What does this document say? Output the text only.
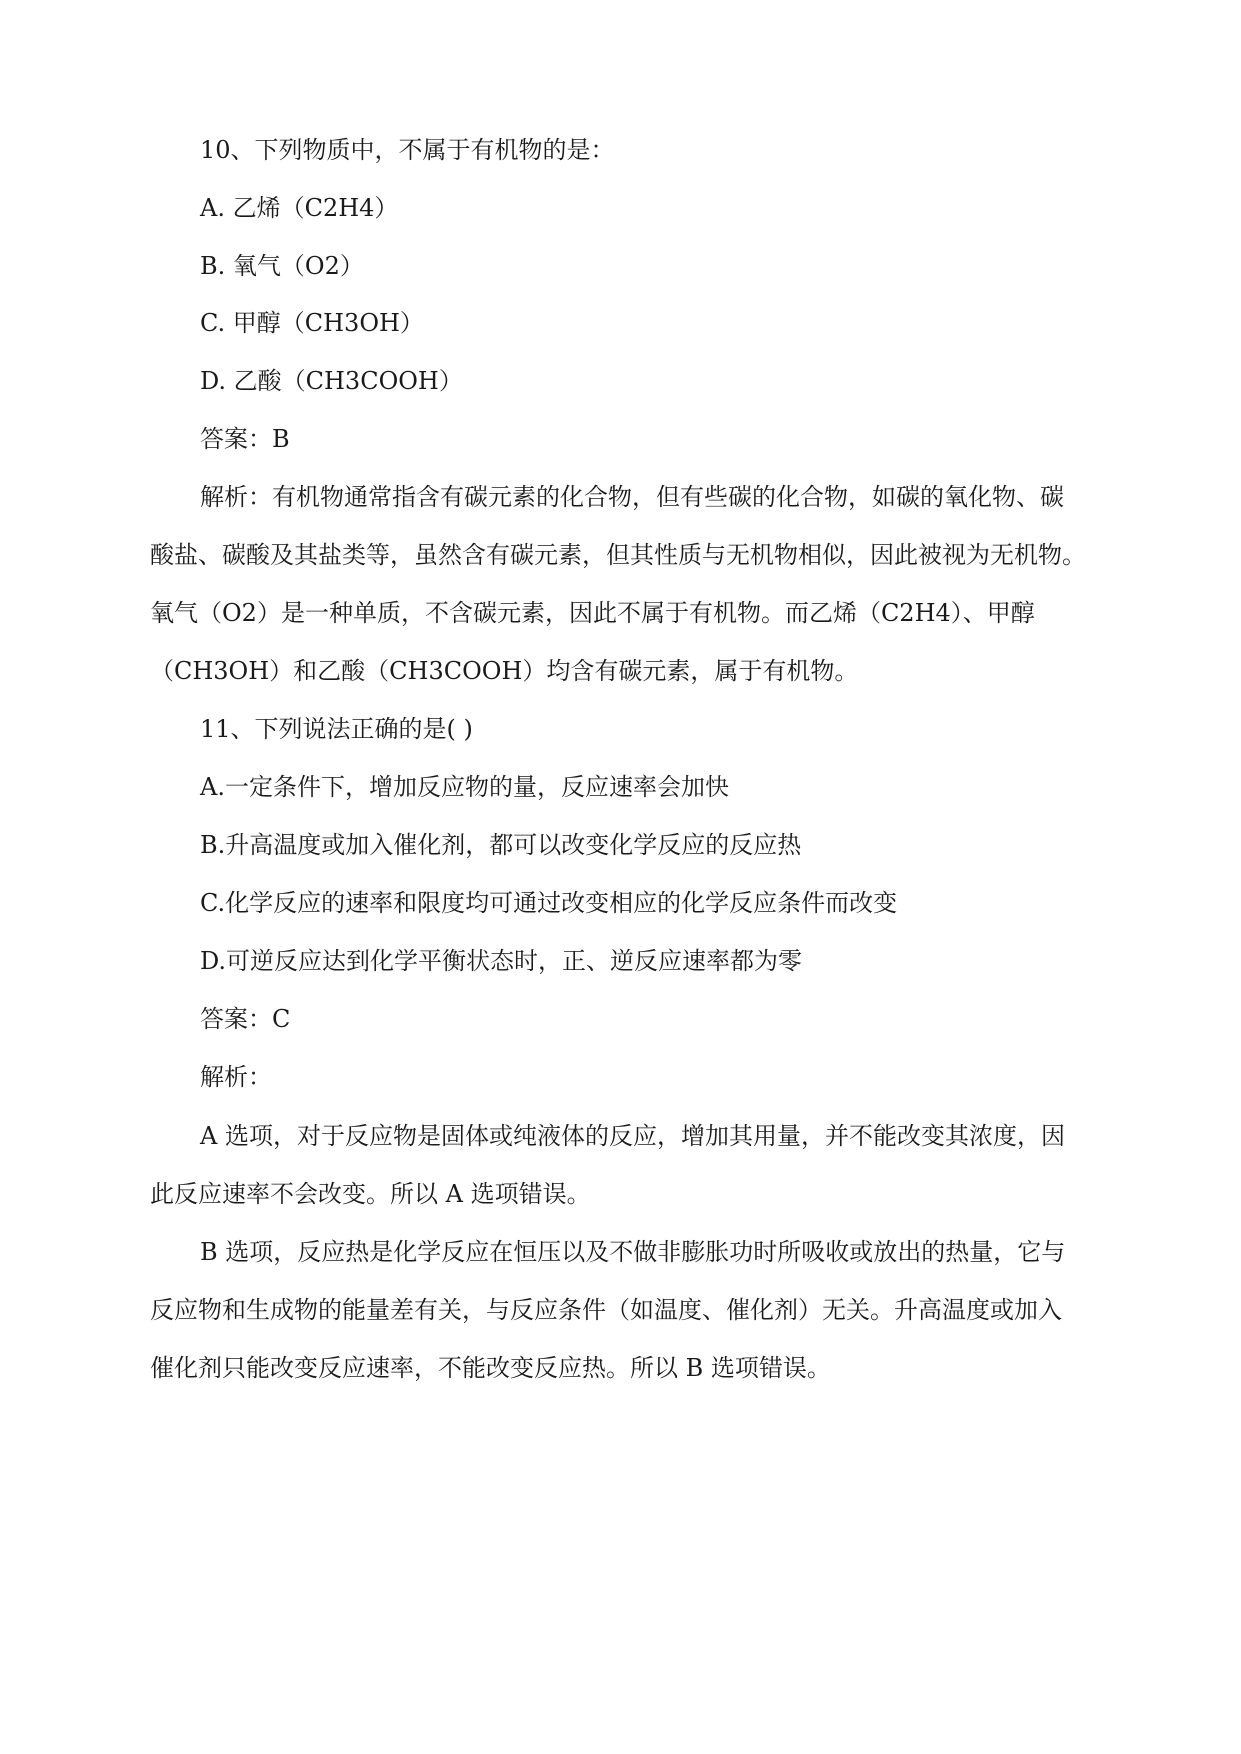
10、下列物质中，不属于有机物的是：
A. 乙烯（C2H4）
B. 氧气（O2）
C. 甲醇（CH3OH）
D. 乙酸（CH3COOH）
答案：B
解析：有机物通常指含有碳元素的化合物，但有些碳的化合物，如碳的氧化物、碳
酸盐、碳酸及其盐类等，虽然含有碳元素，但其性质与无机物相似，因此被视为无机物。
氧气（O2）是一种单质，不含碳元素，因此不属于有机物。而乙烯（C2H4）、甲醇
（CH3OH）和乙酸（CH3COOH）均含有碳元素，属于有机物。
11、下列说法正确的是( )
A.一定条件下，增加反应物的量，反应速率会加快
B.升高温度或加入催化剂，都可以改变化学反应的反应热
C.化学反应的速率和限度均可通过改变相应的化学反应条件而改变
D.可逆反应达到化学平衡状态时，正、逆反应速率都为零
答案：C
解析：
A 选项，对于反应物是固体或纯液体的反应，增加其用量，并不能改变其浓度，因
此反应速率不会改变。所以 A 选项错误。
B 选项，反应热是化学反应在恒压以及不做非膨胀功时所吸收或放出的热量，它与
反应物和生成物的能量差有关，与反应条件（如温度、催化剂）无关。升高温度或加入
催化剂只能改变反应速率，不能改变反应热。所以 B 选项错误。
